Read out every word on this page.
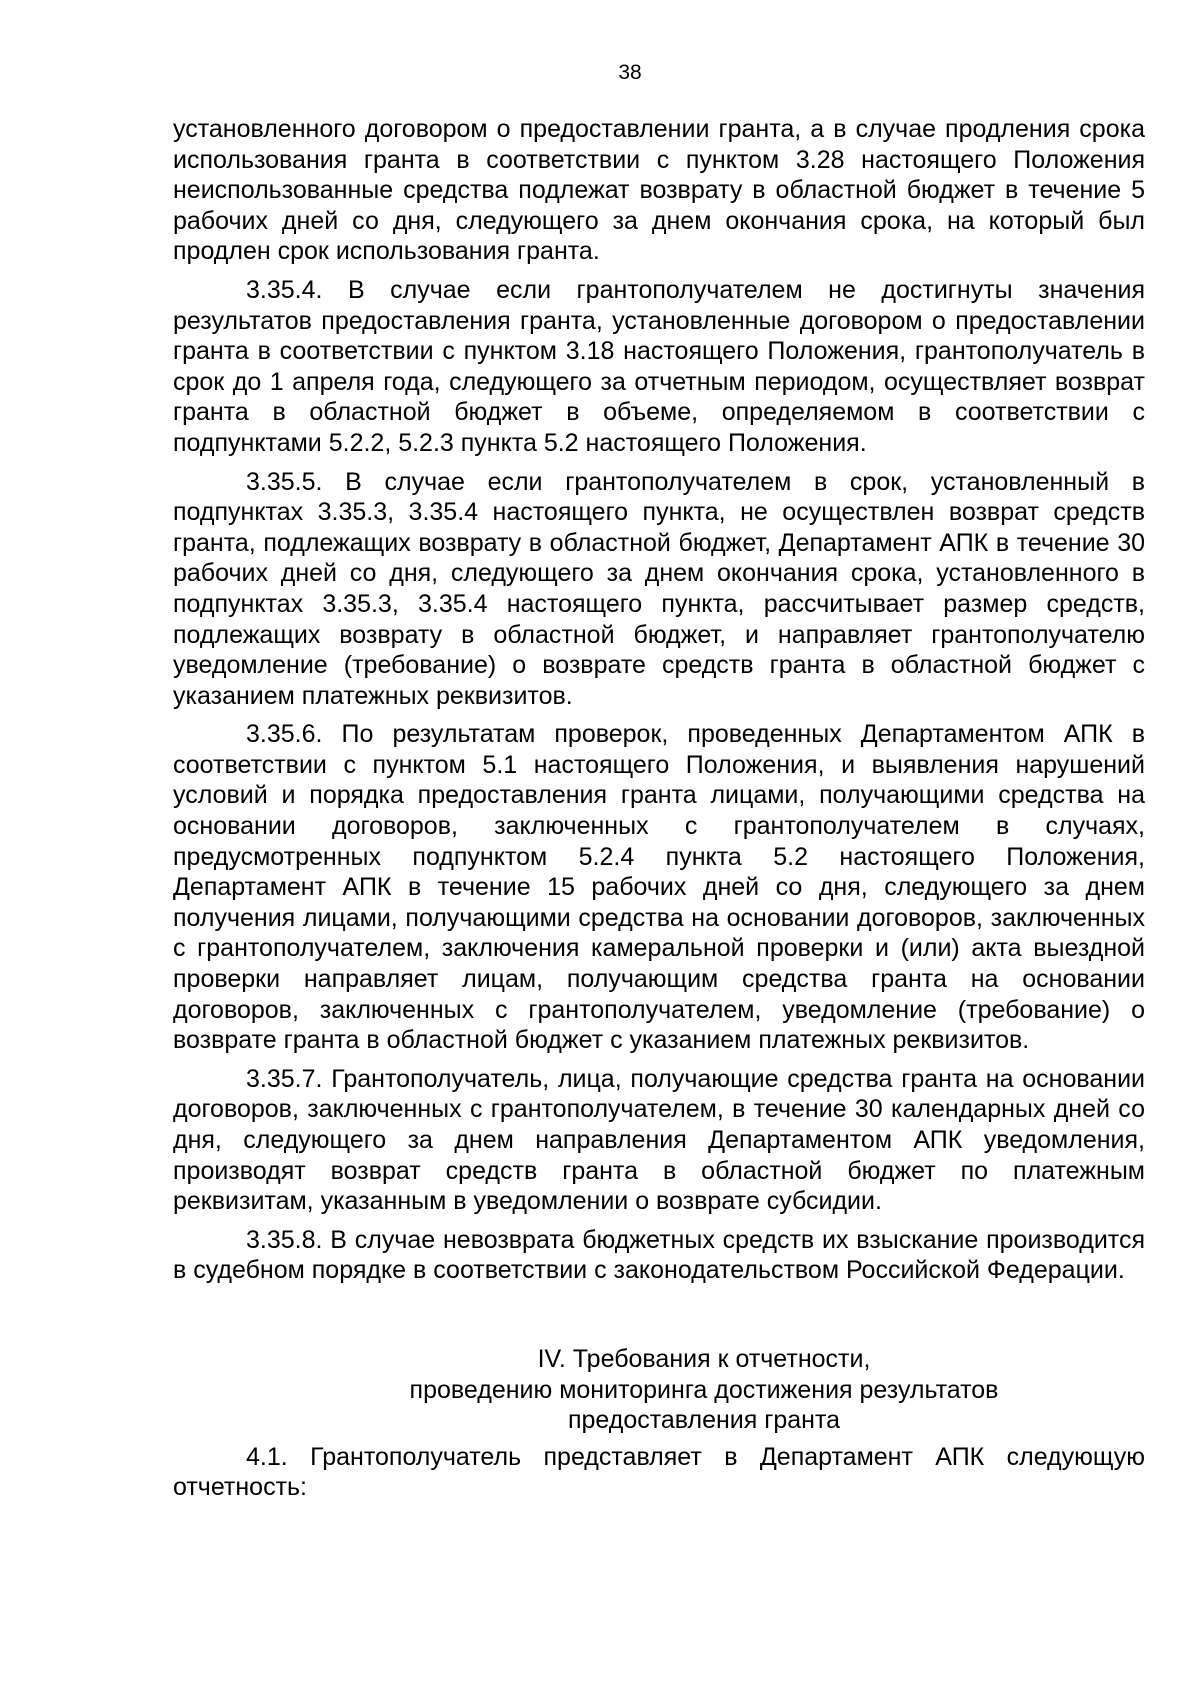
38

установленного договором о предоставлении гранта, а в случае продления срока использования гранта в соответствии с пунктом 3.28 настоящего Положения неиспользованные средства подлежат возврату в областной бюджет в течение 5 рабочих дней со дня, следующего за днем окончания срока, на который был продлен срок использования гранта.

3.35.4. В случае если грантополучателем не достигнуты значения результатов предоставления гранта, установленные договором о предоставлении гранта в соответствии с пунктом 3.18 настоящего Положения, грантополучатель в срок до 1 апреля года, следующего за отчетным периодом, осуществляет возврат гранта в областной бюджет в объеме, определяемом в соответствии с подпунктами 5.2.2, 5.2.3 пункта 5.2 настоящего Положения.

3.35.5. В случае если грантополучателем в срок, установленный в подпунктах 3.35.3, 3.35.4 настоящего пункта, не осуществлен возврат средств гранта, подлежащих возврату в областной бюджет, Департамент АПК в течение 30 рабочих дней со дня, следующего за днем окончания срока, установленного в подпунктах 3.35.3, 3.35.4 настоящего пункта, рассчитывает размер средств, подлежащих возврату в областной бюджет, и направляет грантополучателю уведомление (требование) о возврате средств гранта в областной бюджет с указанием платежных реквизитов.

3.35.6. По результатам проверок, проведенных Департаментом АПК в соответствии с пунктом 5.1 настоящего Положения, и выявления нарушений условий и порядка предоставления гранта лицами, получающими средства на основании договоров, заключенных с грантополучателем в случаях, предусмотренных подпунктом 5.2.4 пункта 5.2 настоящего Положения, Департамент АПК в течение 15 рабочих дней со дня, следующего за днем получения лицами, получающими средства на основании договоров, заключенных с грантополучателем, заключения камеральной проверки и (или) акта выездной проверки направляет лицам, получающим средства гранта на основании договоров, заключенных с грантополучателем, уведомление (требование) о возврате гранта в областной бюджет с указанием платежных реквизитов.

3.35.7. Грантополучатель, лица, получающие средства гранта на основании договоров, заключенных с грантополучателем, в течение 30 календарных дней со дня, следующего за днем направления Департаментом АПК уведомления, производят возврат средств гранта в областной бюджет по платежным реквизитам, указанным в уведомлении о возврате субсидии.

3.35.8. В случае невозврата бюджетных средств их взыскание производится в судебном порядке в соответствии с законодательством Российской Федерации.

IV. Требования к отчетности,
проведению мониторинга достижения результатов
предоставления гранта

4.1. Грантополучатель представляет в Департамент АПК следующую отчетность:
